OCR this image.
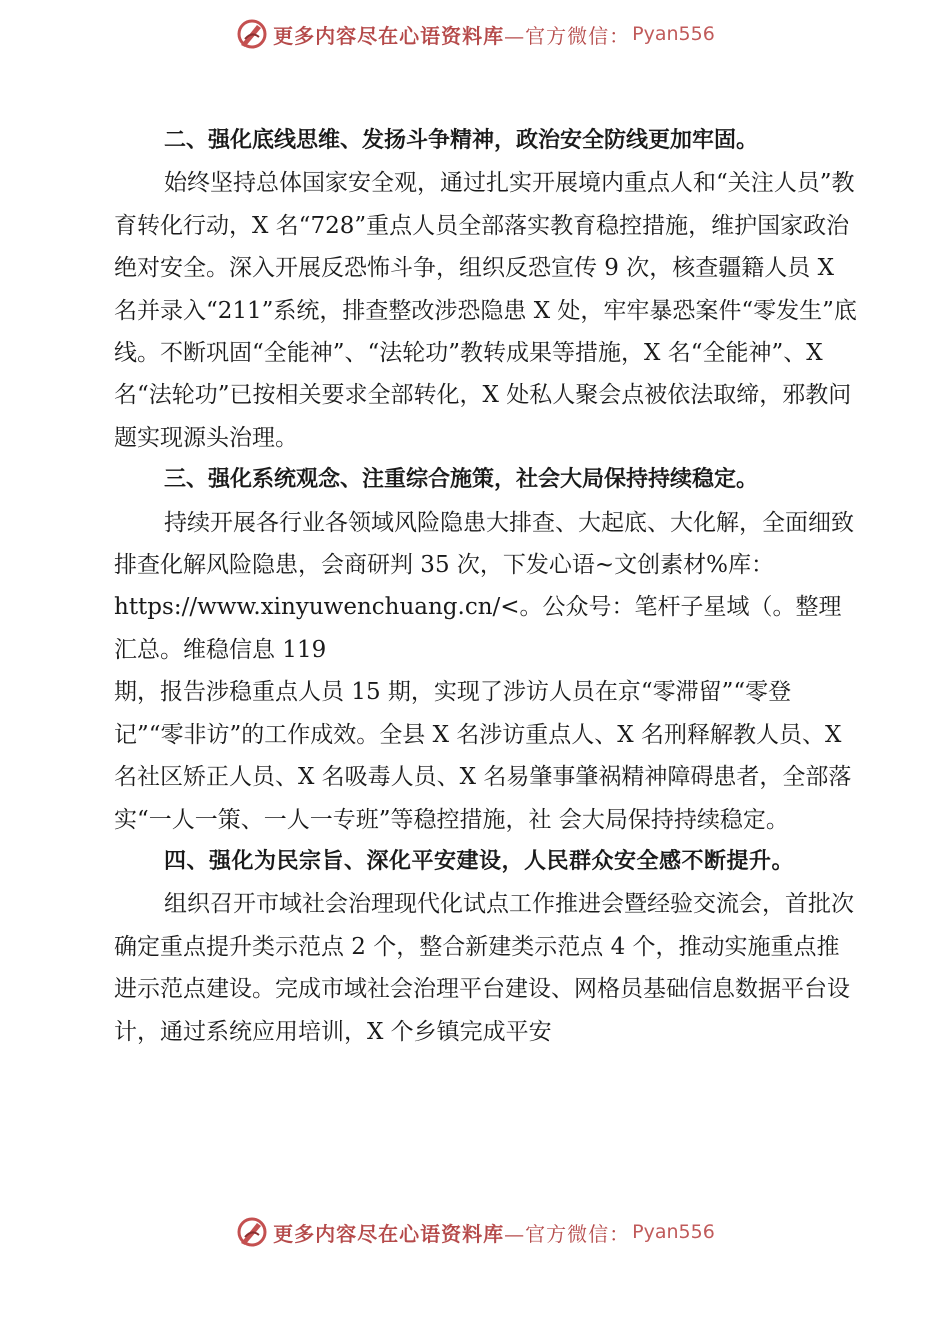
更多内容尽在心语资料库 —官方微信： Pyan556

二、强化底线思维、发扬斗争精神，政治安全防线更加牢固。

始终坚持总体国家安全观，通过扎实开展境内重点人和“关注人员”教育转化行动，X 名“728”重点人员全部落实教育稳控措施，维护国家政治绝对安全。深入开展反恐怖斗争，组织反恐宣传 9 次，核查疆籍人员 X 名并录入“211”系统，排查整改涉恐隐患 X 处，牢牢暴恐案件“零发生”底线。不断巩固“全能神”、“法轮功”教转成果等措施，X 名“全能神”、X 名“法轮功”已按相关要求全部转化，X 处私人聚会点被依法取缔，邪教问题实现源头治理。

三、强化系统观念、注重综合施策，社会大局保持持续稳定。

持续开展各行业各领域风险隐患大排查、大起底、大化解，全面细致排查化解风险隐患，会商研判 35 次，下发心语~文创素材%库：https://www.xinyuwenchuang.cn/<。公众号：笔杆子星域（。整理汇总。维稳信息 119

期，报告涉稳重点人员 15 期，实现了涉访人员在京“零滞留”“零登记”“零非访”的工作成效。全县 X 名涉访重点人、X 名刑释解教人员、X 名社区矫正人员、X 名吸毒人员、X 名易肇事肇祸精神障碍患者，全部落实“一人一策、一人一专班”等稳控措施，社 会大局保持持续稳定。

四、强化为民宗旨、深化平安建设，人民群众安全感不断提升。

组织召开市域社会治理现代化试点工作推进会暨经验交流会，首批次确定重点提升类示范点 2 个，整合新建类示范点 4 个，推动实施重点推进示范点建设。完成市域社会治理平台建设、网格员基础信息数据平台设计，通过系统应用培训，X 个乡镇完成平安

更多内容尽在心语资料库 —官方微信： Pyan556
